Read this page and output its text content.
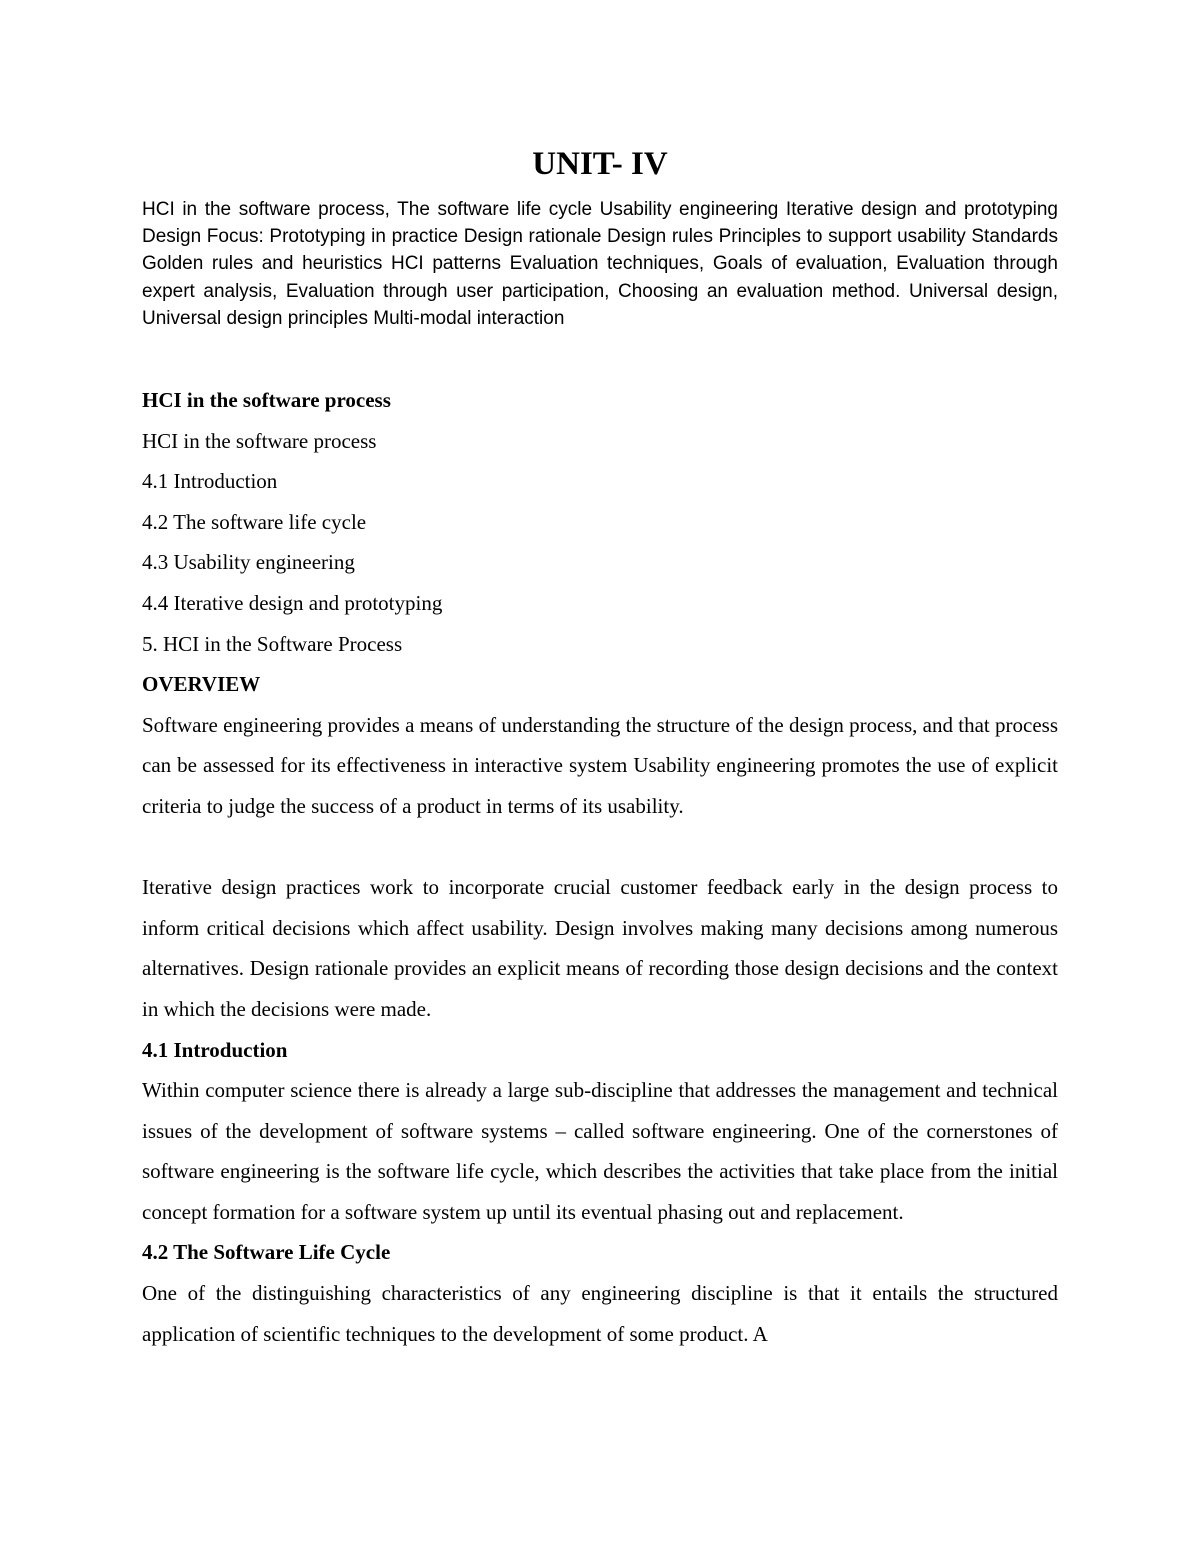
UNIT- IV

HCI in the software process, The software life cycle Usability engineering Iterative design and prototyping Design Focus: Prototyping in practice Design rationale Design rules Principles to support usability Standards Golden rules and heuristics HCI patterns Evaluation techniques, Goals of evaluation, Evaluation through expert analysis, Evaluation through user participation, Choosing an evaluation method. Universal design, Universal design principles Multi-modal interaction

HCI in the software process
HCI in the software process
4.1 Introduction
4.2 The software life cycle
4.3 Usability engineering
4.4 Iterative design and prototyping
5. HCI in the Software Process
OVERVIEW

Software engineering provides a means of understanding the structure of the design process, and that process can be assessed for its effectiveness in interactive system Usability engineering promotes the use of explicit criteria to judge the success of a product in terms of its usability.

Iterative design practices work to incorporate crucial customer feedback early in the design process to inform critical decisions which affect usability. Design involves making many decisions among numerous alternatives. Design rationale provides an explicit means of recording those design decisions and the context in which the decisions were made.

4.1 Introduction

Within computer science there is already a large sub-discipline that addresses the management and technical issues of the development of software systems – called software engineering. One of the cornerstones of software engineering is the software life cycle, which describes the activities that take place from the initial concept formation for a software system up until its eventual phasing out and replacement.

4.2 The Software Life Cycle

One of the distinguishing characteristics of any engineering discipline is that it entails the structured application of scientific techniques to the development of some product. A
